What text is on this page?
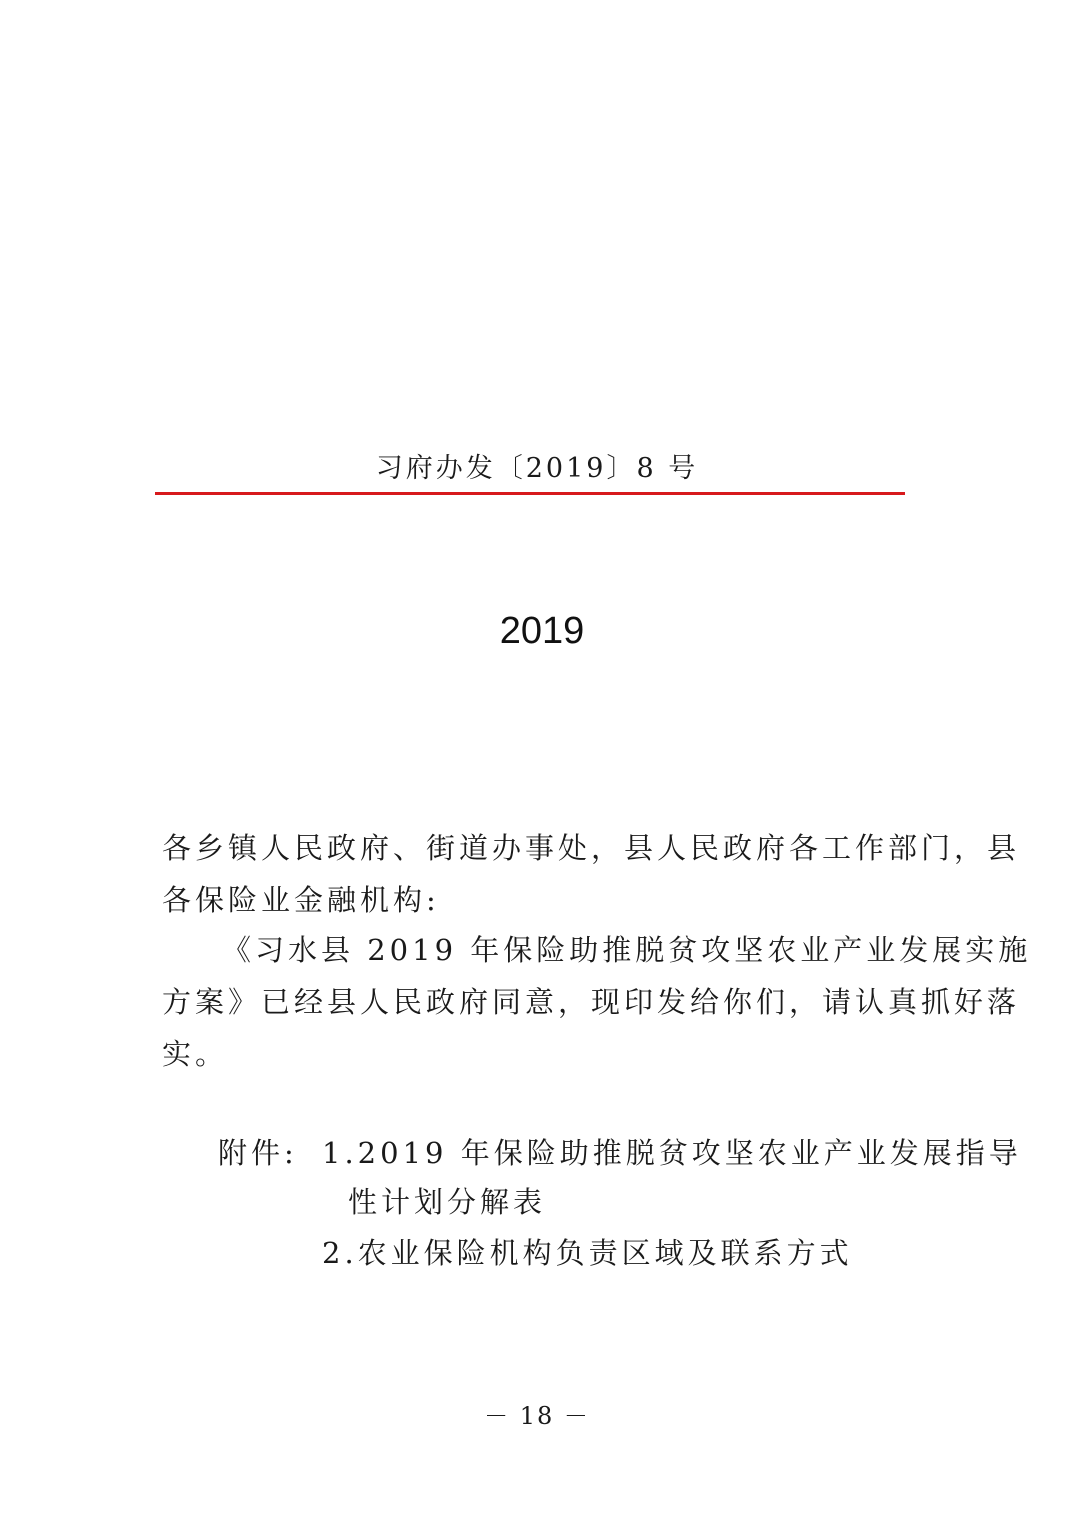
习府办发〔2019〕8 号
2019
各乡镇人民政府、街道办事处，县人民政府各工作部门，县
各保险业金融机构:
《习水县 2019 年保险助推脱贫攻坚农业产业发展实施
方案》已经县人民政府同意，现印发给你们，请认真抓好落
实。
附件: 1.2019 年保险助推脱贫攻坚农业产业发展指导
性计划分解表
2.农业保险机构负责区域及联系方式
－ 18 －
